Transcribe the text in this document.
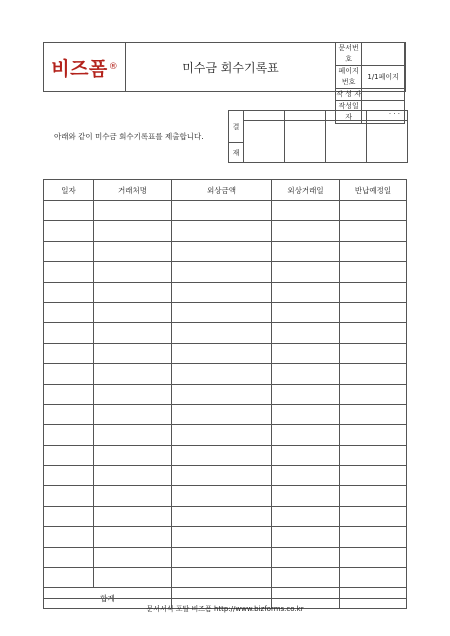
비즈폼 ®	미수금 회수기록표
문서번호	
페이지번호	1/1페이지
작 성 자	
작성일자	. . .
아래와 같이 미수금 회수기록표를 제출합니다.
결				

재				
일자	거래처명	외상금액	외상거래일	반납예정일

합계				
문서서식 포탈 비즈폼 http://www.bizforms.co.kr
